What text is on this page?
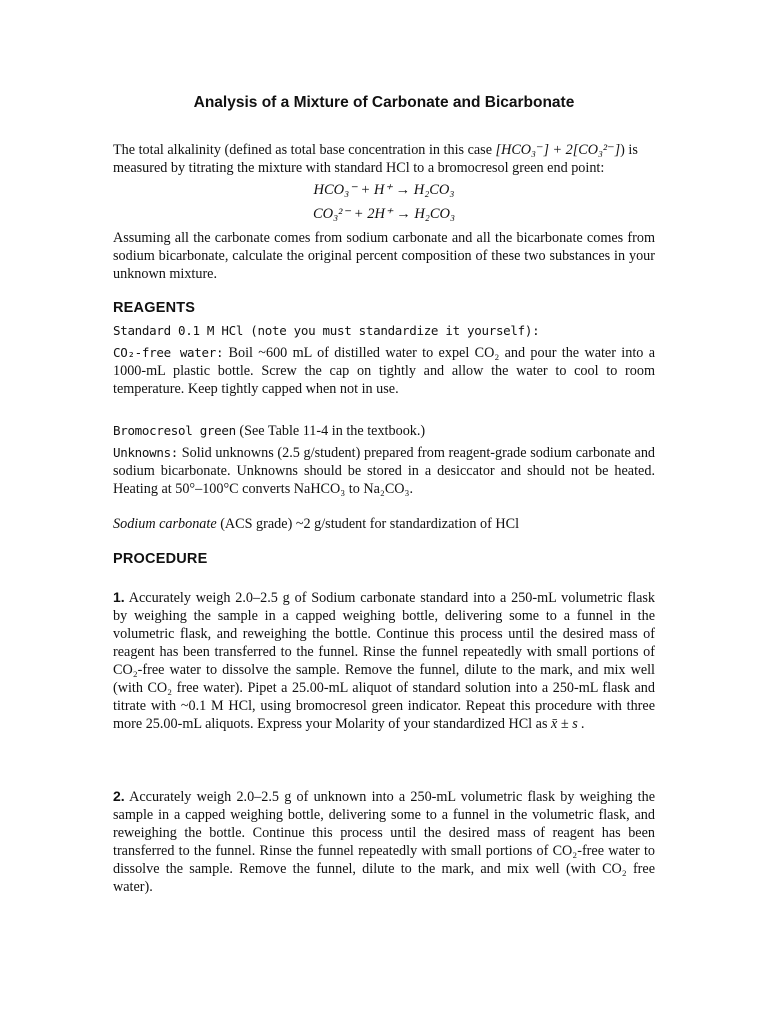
Analysis of a Mixture of Carbonate and Bicarbonate
The total alkalinity (defined as total base concentration in this case [HCO₃⁻] + 2[CO₃²⁻]) is
measured by titrating the mixture with standard HCl to a bromocresol green end point:
HCO₃⁻ + H⁺ → H₂CO₃
CO₃²⁻ + 2H⁺ → H₂CO₃
Assuming all the carbonate comes from sodium carbonate and all the bicarbonate comes from sodium bicarbonate, calculate the original percent composition of these two substances in your unknown mixture.
REAGENTS
Standard 0.1 M HCl (note you must standardize it yourself):
CO₂-free water: Boil ~600 mL of distilled water to expel CO₂ and pour the water into a 1000-mL plastic bottle. Screw the cap on tightly and allow the water to cool to room temperature. Keep tightly capped when not in use.
Bromocresol green (See Table 11-4 in the textbook.)
Unknowns: Solid unknowns (2.5 g/student) prepared from reagent-grade sodium carbonate and sodium bicarbonate. Unknowns should be stored in a desiccator and should not be heated. Heating at 50°–100°C converts NaHCO₃ to Na₂CO₃.
Sodium carbonate (ACS grade) ~2 g/student for standardization of HCl
PROCEDURE
1. Accurately weigh 2.0–2.5 g of Sodium carbonate standard into a 250-mL volumetric flask by weighing the sample in a capped weighing bottle, delivering some to a funnel in the volumetric flask, and reweighing the bottle. Continue this process until the desired mass of reagent has been transferred to the funnel. Rinse the funnel repeatedly with small portions of CO₂-free water to dissolve the sample. Remove the funnel, dilute to the mark, and mix well (with CO₂ free water). Pipet a 25.00-mL aliquot of standard solution into a 250-mL flask and titrate with ~0.1 M HCl, using bromocresol green indicator. Repeat this procedure with three more 25.00-mL aliquots. Express your Molarity of your standardized HCl as x̄ ± s .
2. Accurately weigh 2.0–2.5 g of unknown into a 250-mL volumetric flask by weighing the sample in a capped weighing bottle, delivering some to a funnel in the volumetric flask, and reweighing the bottle. Continue this process until the desired mass of reagent has been transferred to the funnel. Rinse the funnel repeatedly with small portions of CO₂-free water to dissolve the sample. Remove the funnel, dilute to the mark, and mix well (with CO₂ free water).
